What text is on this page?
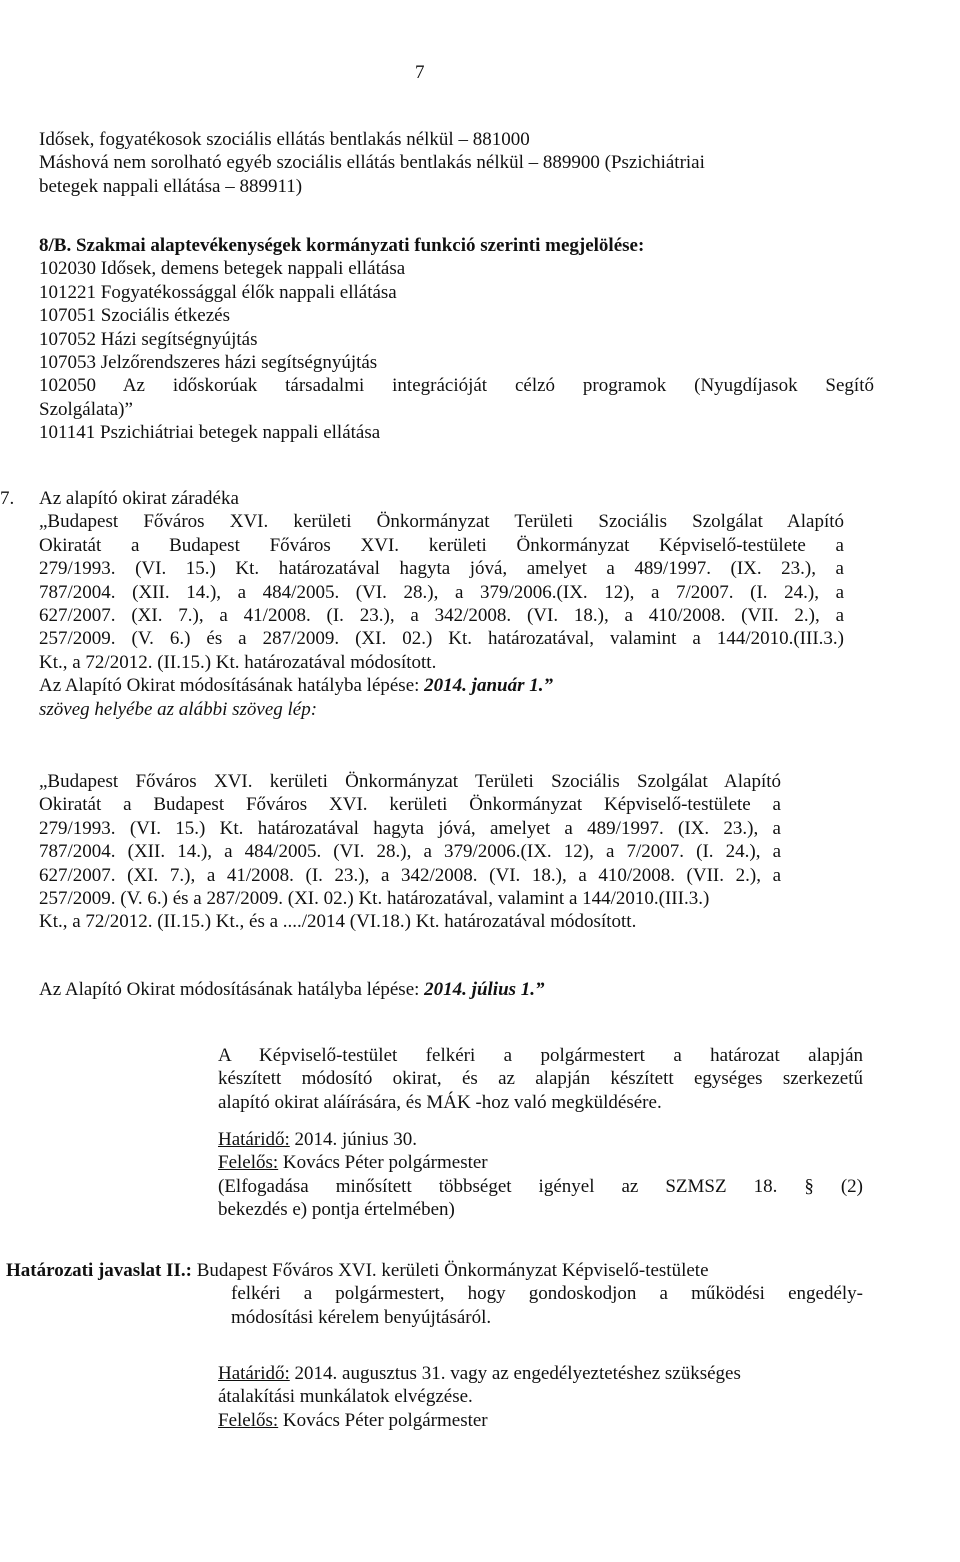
7
Idősek, fogyatékosok szociális ellátás bentlakás nélkül – 881000
Máshová nem sorolható egyéb szociális ellátás bentlakás nélkül – 889900 (Pszichiátriai
betegek nappali ellátása – 889911)
8/B. Szakmai alaptevékenységek kormányzati funkció szerinti megjelölése:
102030 Idősek, demens betegek nappali ellátása
101221 Fogyatékossággal élők nappali ellátása
107051 Szociális étkezés
107052 Házi segítségnyújtás
107053 Jelzőrendszeres házi segítségnyújtás
102050 Az időskorúak társadalmi integrációját célzó programok (Nyugdíjasok Segítő
Szolgálata)”
101141 Pszichiátriai betegek nappali ellátása
7. Az alapító okirat záradéka
„Budapest Főváros XVI. kerületi Önkormányzat Területi Szociális Szolgálat Alapító
Okiratát a Budapest Főváros XVI. kerületi Önkormányzat Képviselő-testülete a
279/1993. (VI. 15.) Kt. határozatával hagyta jóvá, amelyet a 489/1997. (IX. 23.), a
787/2004. (XII. 14.), a 484/2005. (VI. 28.), a 379/2006.(IX. 12), a 7/2007. (I. 24.), a
627/2007. (XI. 7.), a 41/2008. (I. 23.), a 342/2008. (VI. 18.), a 410/2008. (VII. 2.), a
257/2009. (V. 6.) és a 287/2009. (XI. 02.) Kt. határozatával, valamint a 144/2010.(III.3.)
Kt., a 72/2012. (II.15.) Kt. határozatával módosított.
Az Alapító Okirat módosításának hatályba lépése: 2014. január 1.”
szöveg helyébe az alábbi szöveg lép:
„Budapest Főváros XVI. kerületi Önkormányzat Területi Szociális Szolgálat Alapító
Okiratát a Budapest Főváros XVI. kerületi Önkormányzat Képviselő-testülete a
279/1993. (VI. 15.) Kt. határozatával hagyta jóvá, amelyet a 489/1997. (IX. 23.), a
787/2004. (XII. 14.), a 484/2005. (VI. 28.), a 379/2006.(IX. 12), a 7/2007. (I. 24.), a
627/2007. (XI. 7.), a 41/2008. (I. 23.), a 342/2008. (VI. 18.), a 410/2008. (VII. 2.), a
257/2009. (V. 6.) és a 287/2009. (XI. 02.) Kt. határozatával, valamint a 144/2010.(III.3.)
Kt., a 72/2012. (II.15.) Kt., és a ..../2014 (VI.18.) Kt. határozatával módosított.
Az Alapító Okirat módosításának hatályba lépése: 2014. július 1.”
A Képviselő-testület felkéri a polgármestert a határozat alapján
készített módosító okirat, és az alapján készített egységes szerkezetű
alapító okirat aláírására, és MÁK -hoz való megküldésére.
Határidő: 2014. június 30.
Felelős: Kovács Péter polgármester
(Elfogadása minősített többséget igényel az SZMSZ 18. § (2)
bekezdés e) pontja értelmében)
Határozati javaslat II.: Budapest Főváros XVI. kerületi Önkormányzat Képviselő-testülete
felkéri a polgármestert, hogy gondoskodjon a működési engedély-
módosítási kérelem benyújtásáról.
Határidő: 2014. augusztus 31. vagy az engedélyeztetéshez szükséges
átalakítási munkálatok elvégzése.
Felelős: Kovács Péter polgármester
